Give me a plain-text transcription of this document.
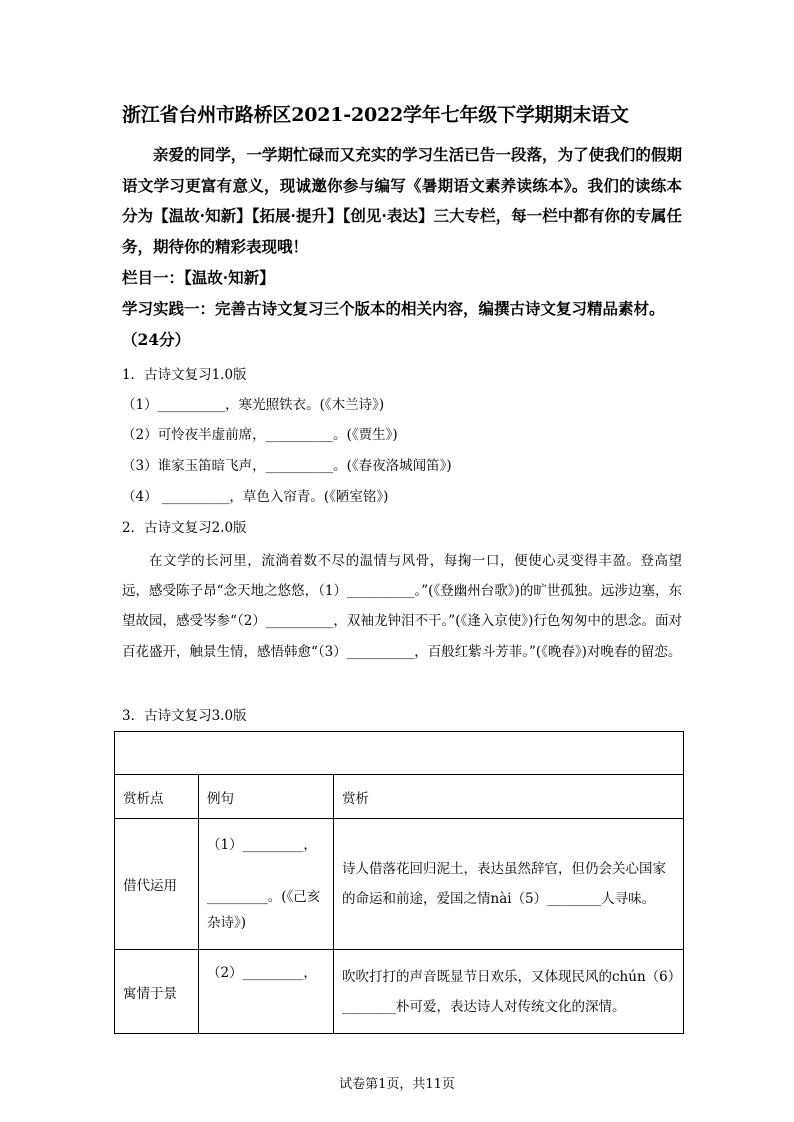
浙江省台州市路桥区2021-2022学年七年级下学期期末语文
亲爱的同学，一学期忙碌而又充实的学习生活已告一段落，为了使我们的假期语文学习更富有意义，现诚邀你参与编写《暑期语文素养读练本》。我们的读练本分为【温故·知新】【拓展·提升】【创见·表达】三大专栏，每一栏中都有你的专属任务，期待你的精彩表现哦！
栏目一：【温故·知新】
学习实践一：完善古诗文复习三个版本的相关内容，编撰古诗文复习精品素材。（24分）
1．古诗文复习1.0版
（1）__________，寒光照铁衣。(《木兰诗》)
（2）可怜夜半虚前席，__________。(《贾生》)
（3）谁家玉笛暗飞声，__________。(《春夜洛城闻笛》)
（4） __________，草色入帘青。(《陋室铭》)
2．古诗文复习2.0版
在文学的长河里，流淌着数不尽的温情与风骨，每掬一口，便使心灵变得丰盈。登高望远，感受陈子昂“念天地之悠悠，（1）__________。”(《登幽州台歌》)的旷世孤独。远涉边塞，东望故园，感受岑参“（2）__________，双袖龙钟泪不干。”(《逢入京使》)行色匆匆中的思念。面对百花盛开，触景生情，感悟韩愈“（3）__________，百般红紫斗芳菲。”(《晚春》)对晚春的留恋。
3．古诗文复习3.0版

赏析点	例句	赏析
借代运用	（1）_________，
_________。(《己亥杂诗》)	诗人借落花回归泥土，表达虽然辞官，但仍会关心国家的命运和前途，爱国之情nài（5）________人寻味。
寓情于景	（2）_________，	吹吹打打的声音既显节日欢乐，又体现民风的chún（6）________朴可爱，表达诗人对传统文化的深情。
试卷第1页，共11页
